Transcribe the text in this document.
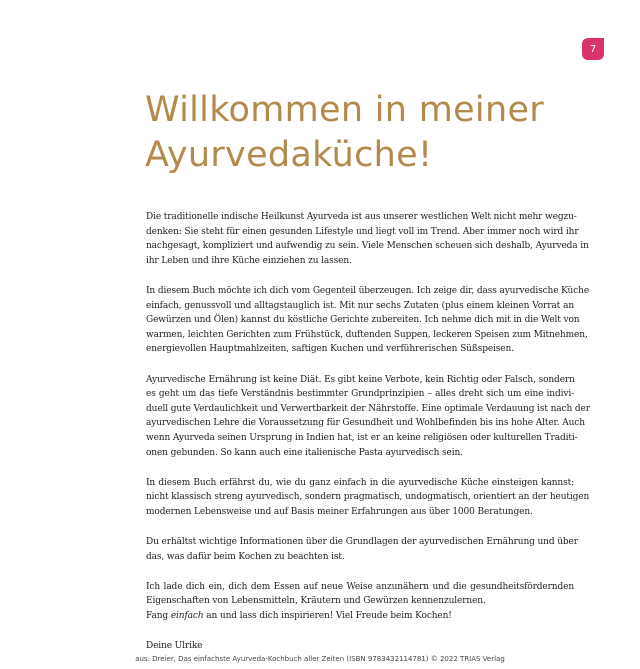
7
Willkommen in meiner
Ayurvedaküche!

Die traditionelle indische Heilkunst Ayurveda ist aus unserer westlichen Welt nicht mehr wegzu-
denken: Sie steht für einen gesunden Lifestyle und liegt voll im Trend. Aber immer noch wird ihr
nachgesagt, kompliziert und aufwendig zu sein. Viele Menschen scheuen sich deshalb, Ayurveda in
ihr Leben und ihre Küche einziehen zu lassen.

In diesem Buch möchte ich dich vom Gegenteil überzeugen. Ich zeige dir, dass ayurvedische Küche
einfach, genussvoll und alltagstauglich ist. Mit nur sechs Zutaten (plus einem kleinen Vorrat an
Gewürzen und Ölen) kannst du köstliche Gerichte zubereiten. Ich nehme dich mit in die Welt von
warmen, leichten Gerichten zum Frühstück, duftenden Suppen, leckeren Speisen zum Mitnehmen,
energievollen Hauptmahlzeiten, saftigen Kuchen und verführerischen Süßspeisen.

Ayurvedische Ernährung ist keine Diät. Es gibt keine Verbote, kein Richtig oder Falsch, sondern
es geht um das tiefe Verständnis bestimmter Grundprinzipien – alles dreht sich um eine indivi-
duell gute Verdaulichkeit und Verwertbarkeit der Nährstoffe. Eine optimale Verdauung ist nach der
ayurvedischen Lehre die Voraussetzung für Gesundheit und Wohlbefinden bis ins hohe Alter. Auch
wenn Ayurveda seinen Ursprung in Indien hat, ist er an keine religiösen oder kulturellen Traditi-
onen gebunden. So kann auch eine italienische Pasta ayurvedisch sein.

In diesem Buch erfährst du, wie du ganz einfach in die ayurvedische Küche einsteigen kannst:
nicht klassisch streng ayurvedisch, sondern pragmatisch, undogmatisch, orientiert an der heutigen
modernen Lebensweise und auf Basis meiner Erfahrungen aus über 1000 Beratungen.

Du erhältst wichtige Informationen über die Grundlagen der ayurvedischen Ernährung und über
das, was dafür beim Kochen zu beachten ist.

Ich lade dich ein, dich dem Essen auf neue Weise anzunähern und die gesundheitsfördernden
Eigenschaften von Lebensmitteln, Kräutern und Gewürzen kennenzulernen.
Fang einfach an und lass dich inspirieren! Viel Freude beim Kochen!

Deine Ulrike

aus: Dreier, Das einfachste Ayurveda-Kochbuch aller Zeiten (ISBN 9783432114781) © 2022 TRIAS Verlag
